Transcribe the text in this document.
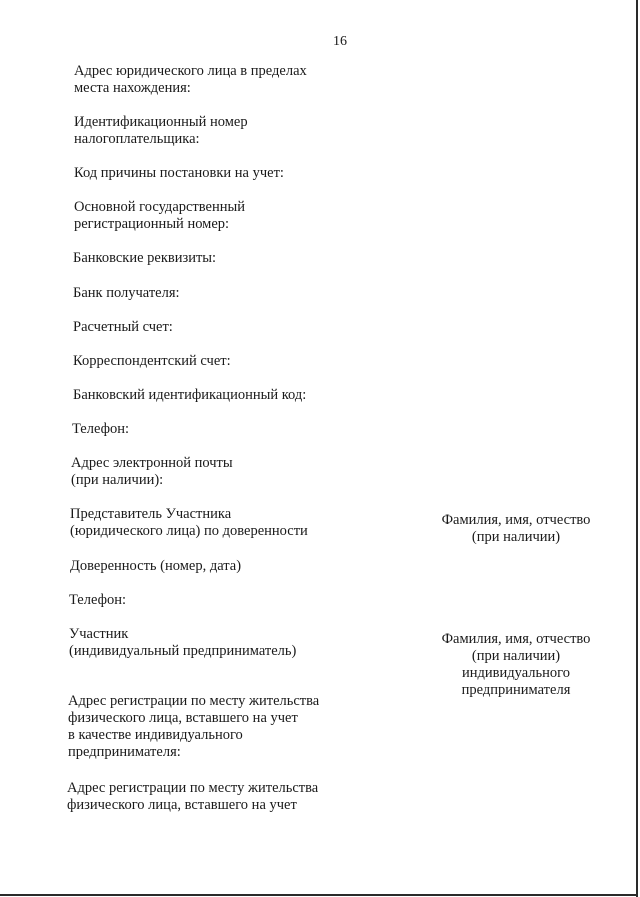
16
Адрес юридического лица в пределах
места нахождения:
Идентификационный номер
налогоплательщика:
Код причины постановки на учет:
Основной государственный
регистрационный номер:
Банковские реквизиты:
Банк получателя:
Расчетный счет:
Корреспондентский счет:
Банковский идентификационный код:
Телефон:
Адрес электронной почты
(при наличии):
Представитель Участника
(юридического лица) по доверенности
Фамилия, имя, отчество
(при наличии)
Доверенность (номер, дата)
Телефон:
Участник
(индивидуальный предприниматель)
Фамилия, имя, отчество
(при наличии)
индивидуального
предпринимателя
Адрес регистрации по месту жительства
физического лица, вставшего на учет
в качестве индивидуального
предпринимателя:
Адрес регистрации по месту жительства
физического лица, вставшего на учет
